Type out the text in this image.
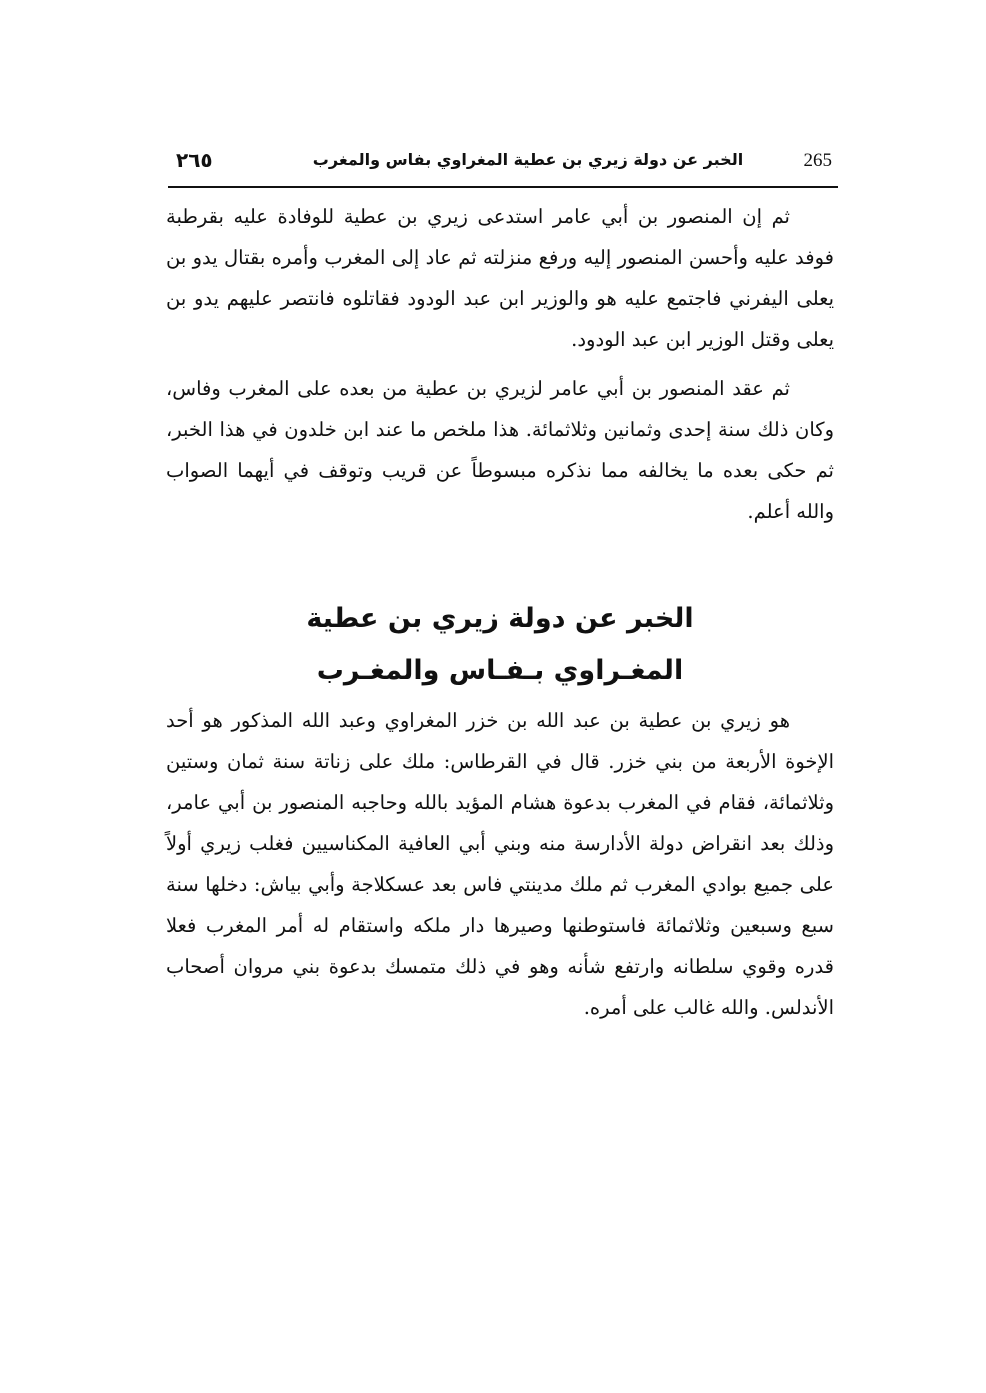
٢٦٥	الخبر عن دولة زيري بن عطية المغراوي بفاس والمغرب	265

ثم إن المنصور بن أبي عامر استدعى زيري بن عطية للوفادة عليه بقرطبة فوفد عليه وأحسن المنصور إليه ورفع منزلته ثم عاد إلى المغرب وأمره بقتال يدو بن يعلى اليفرني فاجتمع عليه هو والوزير ابن عبد الودود فقاتلوه فانتصر عليهم يدو بن يعلى وقتل الوزير ابن عبد الودود.

ثم عقد المنصور بن أبي عامر لزيري بن عطية من بعده على المغرب وفاس، وكان ذلك سنة إحدى وثمانين وثلاثمائة. هذا ملخص ما عند ابن خلدون في هذا الخبر، ثم حكى بعده ما يخالفه مما نذكره مبسوطاً عن قريب وتوقف في أيهما الصواب والله أعلم.

الخبر عن دولة زيري بن عطية
المغـراوي بـفـاس والمغـرب

هو زيري بن عطية بن عبد الله بن خزر المغراوي وعبد الله المذكور هو أحد الإخوة الأربعة من بني خزر. قال في القرطاس: ملك على زناتة سنة ثمان وستين وثلاثمائة، فقام في المغرب بدعوة هشام المؤيد بالله وحاجبه المنصور بن أبي عامر، وذلك بعد انقراض دولة الأدارسة منه وبني أبي العافية المكناسيين فغلب زيري أولاً على جميع بوادي المغرب ثم ملك مدينتي فاس بعد عسكلاجة وأبي بياش: دخلها سنة سبع وسبعين وثلاثمائة فاستوطنها وصيرها دار ملكه واستقام له أمر المغرب فعلا قدره وقوي سلطانه وارتفع شأنه وهو في ذلك متمسك بدعوة بني مروان أصحاب الأندلس. والله غالب على أمره.
